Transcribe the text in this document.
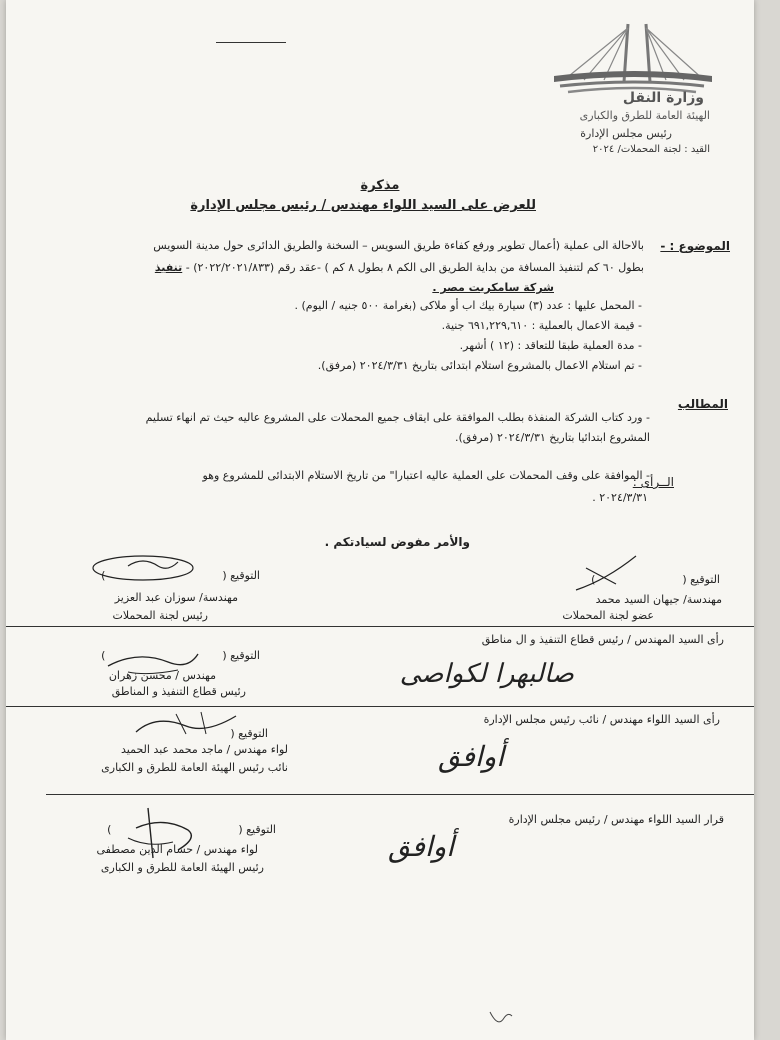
وزارة النقل
الهيئة العامة للطرق والكبارى
رئيس مجلس الإدارة
القيد : لجنة المحملات/ ٢٠٢٤
مذكرة
للعرض على السيد اللواء مهندس / رئيس مجلس الإدارة
الموضوع : -
بالاحالة الى عملية (أعمال تطوير ورفع كفاءة طريق السويس – السخنة والطريق الدائرى حول مدينة السويس
بطول ٦٠ كم لتنفيذ المسافة من بداية الطريق الى الكم ٨ بطول ٨ كم ) -عقد رقم (٢٠٢٢/٢٠٢١/٨٣٣) - تنفيذ
شركة سامكريت مصر .
- المحمل عليها : عدد (٣) سيارة بيك اب أو ملاكى (بغرامة ٥٠٠ جنيه / اليوم) .
- قيمة الاعمال بالعملية : ٦٩١,٢٢٩,٦١٠ جنية.
- مدة العملية طبقا للتعاقد : (١٢ ) أشهر.
- تم استلام الاعمال بالمشروع استلام ابتدائى بتاريخ ٢٠٢٤/٣/٣١ (مرفق).
المطالب
- ورد كتاب الشركة المنفذة بطلب الموافقة على ايقاف جميع المحملات على المشروع عاليه حيث تم انهاء تسليم
المشروع ابتدائيا بتاريخ ٢٠٢٤/٣/٣١ (مرفق).
الــرأى :
- الموافقة على وقف المحملات على العملية عاليه اعتبارا" من تاريخ الاستلام الابتدائى للمشروع وهو
٢٠٢٤/٣/٣١ .
والأمر مفوض لسيادتكم .
التوقيع (  )
مهندسة/ جيهان السيد محمد
عضو لجنة المحملات
التوقيع (  )
مهندسة/ سوزان عبد العزيز
رئيس لجنة المحملات
رأى السيد المهندس / رئيس قطاع التنفيذ و ال مناطق
التوقيع (  )
مهندس / محسن زهران
رئيس قطاع التنفيذ و المناطق
صالبهرا لكواصى
رأى السيد اللواء مهندس / نائب رئيس مجلس الإدارة
التوقيع (
لواء مهندس / ماجد محمد عبد الحميد
نائب رئيس الهيئة العامة للطرق و الكبارى	أوافق
قرار السيد اللواء مهندس / رئيس مجلس الإدارة
التوقيع (  )
لواء مهندس / حسام الدين مصطفى
رئيس الهيئة العامة للطرق و الكبارى
أوافق
